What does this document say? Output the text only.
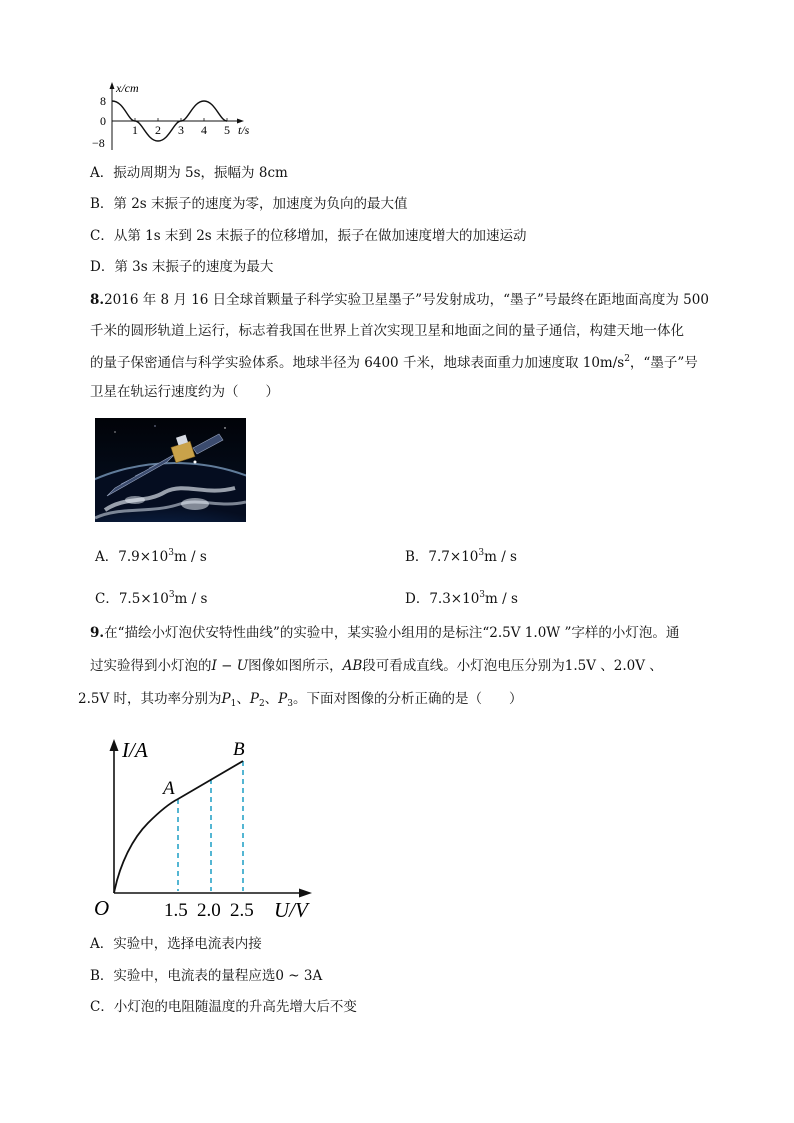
x/cm
t/s
8
0
−8
1 2 3 4 5
A．振动周期为 5s，振幅为 8cm
B．第 2s 末振子的速度为零，加速度为负向的最大值
C．从第 1s 末到 2s 末振子的位移增加，振子在做加速度增大的加速运动
D．第 3s 末振子的速度为最大
8.2016 年 8 月 16 日全球首颗量子科学实验卫星墨子”号发射成功，“墨子”号最终在距地面高度为 500
千米的圆形轨道上运行，标志着我国在世界上首次实现卫星和地面之间的量子通信，构建天地一体化
的量子保密通信与科学实验体系。地球半径为 6400 千米，地球表面重力加速度取 $10m/s^2$，“墨子”号
卫星在轨运行速度约为（　　）
A．$7.9\times 10^3m / s$	B．$7.7\times 10^3m / s$
C．$7.5\times 10^3m / s$	D．$7.3\times 10^3m / s$
9.在“描绘小灯泡伏安特性曲线”的实验中，某实验小组用的是标注“2.5V 1.0W ”字样的小灯泡。通
过实验得到小灯泡的I − U图像如图所示，AB段可看成直线。小灯泡电压分别为1.5V 、2.0V 、
2.5V 时，其功率分别为$P_1$、$P_2$、$P_3$。下面对图像的分析正确的是（　　）
I/A
U/V
O
A
B
1.5 2.0 2.5
A．实验中，选择电流表内接
B．实验中，电流表的量程应选0 ~ 3A
C．小灯泡的电阻随温度的升高先增大后不变
